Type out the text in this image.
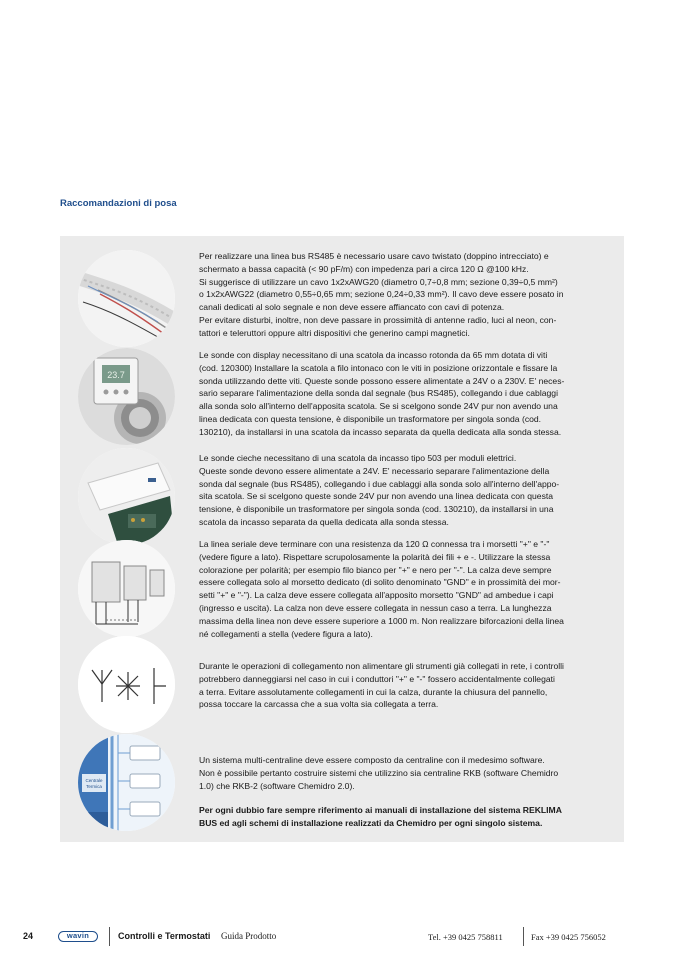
Raccomandazioni di posa
23.7
Centrale
Termica
Per realizzare una linea bus RS485 è necessario usare cavo twistato (doppino intrecciato) e
schermato a bassa capacità (< 90 pF/m) con impedenza pari a circa 120 Ω @100 kHz.
Si suggerisce di utilizzare un cavo 1x2xAWG20 (diametro 0,7÷0,8 mm; sezione 0,39÷0,5 mm²)
o 1x2xAWG22 (diametro 0,55÷0,65 mm; sezione 0,24÷0,33 mm²). Il cavo deve essere posato in
canali dedicati al solo segnale e non deve essere affiancato con cavi di potenza.
Per evitare disturbi, inoltre, non deve passare in prossimità di antenne radio, luci al neon, con-
tattori e teleruttori oppure altri dispositivi che generino campi magnetici.
Le sonde con display necessitano di una scatola da incasso rotonda da 65 mm dotata di viti
(cod. 120300) Installare la scatola a filo intonaco con le viti in posizione orizzontale e fissare la
sonda utilizzando dette viti. Queste sonde possono essere alimentate a 24V o a 230V. E' neces-
sario separare l'alimentazione della sonda dal segnale (bus RS485), collegando i due cablaggi
alla sonda solo all'interno dell'apposita scatola. Se si scelgono sonde 24V pur non avendo una
linea dedicata con questa tensione, è disponibile un trasformatore per singola sonda (cod.
130210), da installarsi in una scatola da incasso separata da quella dedicata alla sonda stessa.
Le sonde cieche necessitano di una scatola da incasso tipo 503 per moduli elettrici.
Queste sonde devono essere alimentate a 24V. E' necessario separare l'alimentazione della
sonda dal segnale (bus RS485), collegando i due cablaggi alla sonda solo all'interno dell'appo-
sita scatola. Se si scelgono queste sonde 24V pur non avendo una linea dedicata con questa
tensione, è disponibile un trasformatore per singola sonda (cod. 130210), da installarsi in una
scatola da incasso separata da quella dedicata alla sonda stessa.
La linea seriale deve terminare con una resistenza da 120 Ω connessa tra i morsetti "+" e "-"
(vedere figure a lato). Rispettare scrupolosamente la polarità dei fili + e -. Utilizzare la stessa
colorazione per polarità; per esempio filo bianco per "+" e nero per "-". La calza deve sempre
essere collegata solo al morsetto dedicato (di solito denominato "GND" e in prossimità dei mor-
setti "+" e "-"). La calza deve essere collegata all'apposito morsetto "GND" ad ambedue i capi
(ingresso e uscita). La calza non deve essere collegata in nessun caso a terra. La lunghezza
massima della linea non deve essere superiore a 1000 m. Non realizzare biforcazioni della linea
né collegamenti a stella (vedere figura a lato).
Durante le operazioni di collegamento non alimentare gli strumenti già collegati in rete, i controlli
potrebbero danneggiarsi nel caso in cui i conduttori "+" e "-" fossero accidentalmente collegati
a terra. Evitare assolutamente collegamenti in cui la calza, durante la chiusura del pannello,
possa toccare la carcassa che a sua volta sia collegata a terra.
Un sistema multi-centraline deve essere composto da centraline con il medesimo software.
Non è possibile pertanto costruire sistemi che utilizzino sia centraline RKB (software Chemidro
1.0) che RKB-2 (software Chemidro 2.0).
Per ogni dubbio fare sempre riferimento ai manuali di installazione del sistema REKLIMA
BUS ed agli schemi di installazione realizzati da Chemidro per ogni singolo sistema.
24	wavin	Controlli e Termostati Guida Prodotto	Tel. +39 0425 758811	Fax +39 0425 756052
